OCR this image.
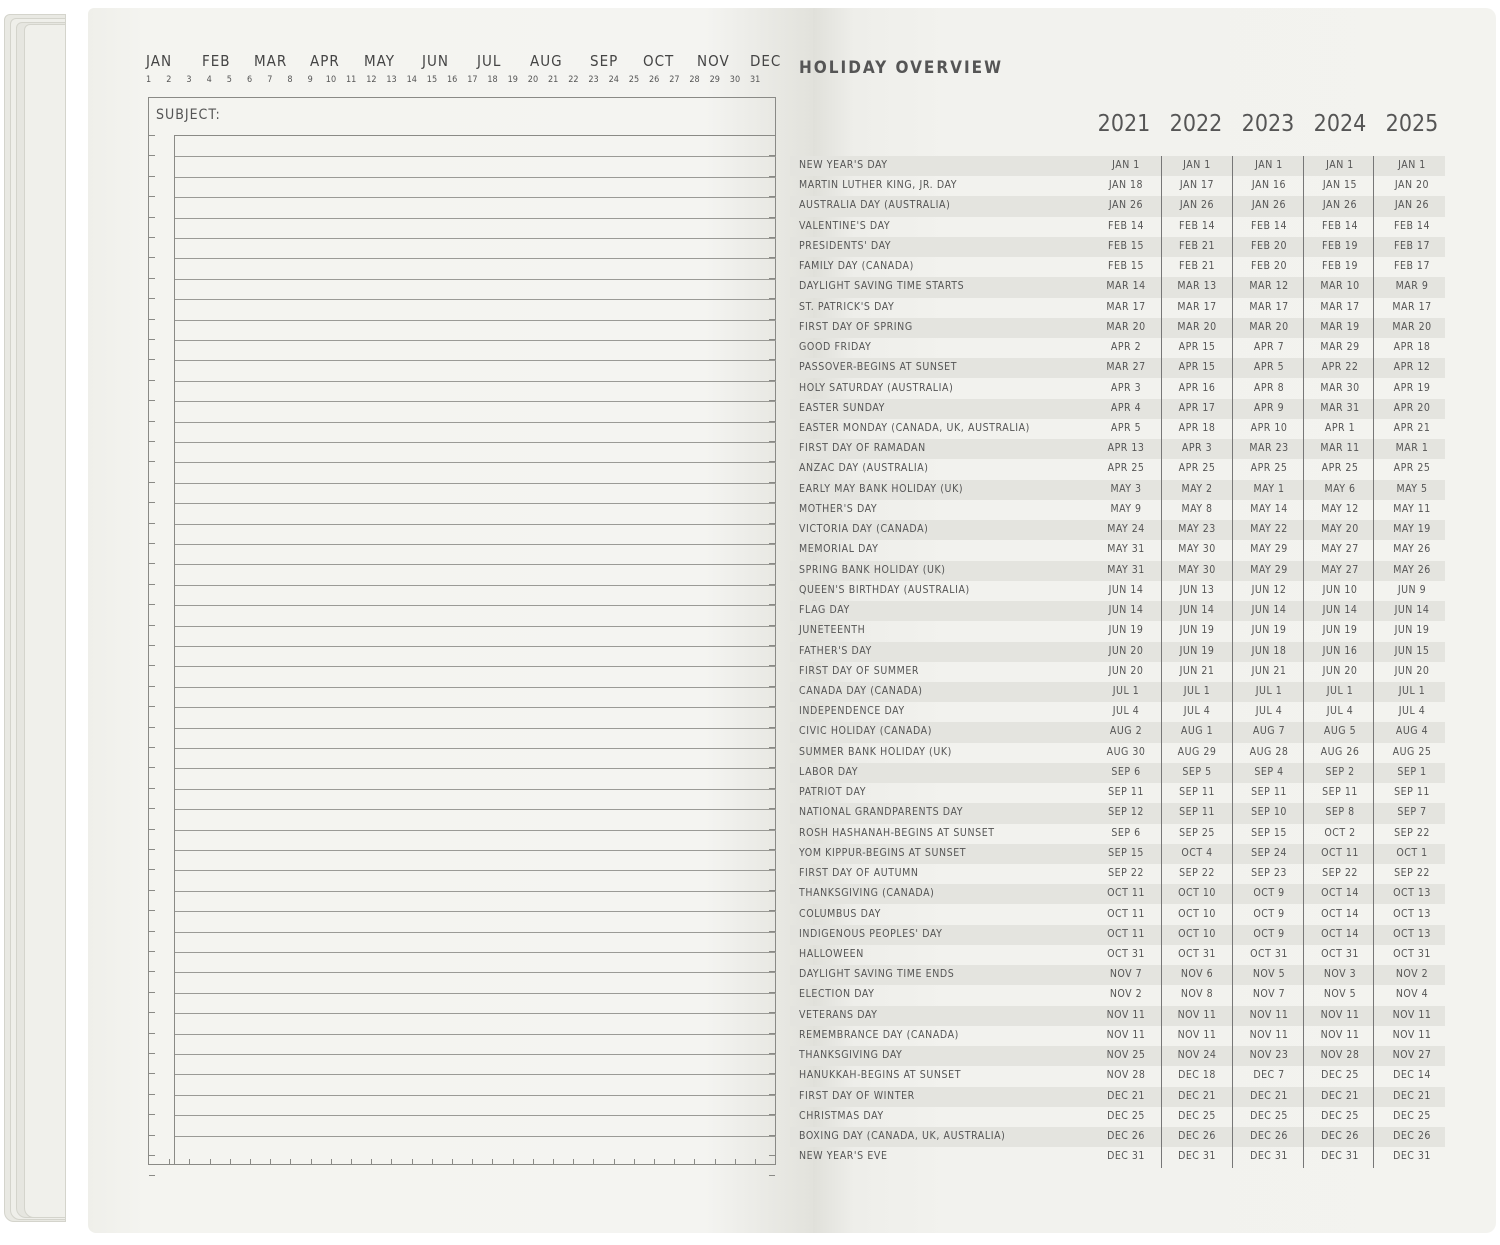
JAN FEB MAR APR MAY JUN JUL AUG SEP OCT NOV DEC
1 2 3 4 5 6 7 8 9 10 11 12 13 14 15 16 17 18 19 20 21 22 23 24 25 26 27 28 29 30 31
SUBJECT:
HOLIDAY OVERVIEW
2021 2022 2023 2024 2025
NEW YEAR'S DAY	JAN 1	JAN 1	JAN 1	JAN 1	JAN 1
MARTIN LUTHER KING, JR. DAY	JAN 18	JAN 17	JAN 16	JAN 15	JAN 20
AUSTRALIA DAY (AUSTRALIA)	JAN 26	JAN 26	JAN 26	JAN 26	JAN 26
VALENTINE'S DAY	FEB 14	FEB 14	FEB 14	FEB 14	FEB 14
PRESIDENTS' DAY	FEB 15	FEB 21	FEB 20	FEB 19	FEB 17
FAMILY DAY (CANADA)	FEB 15	FEB 21	FEB 20	FEB 19	FEB 17
DAYLIGHT SAVING TIME STARTS	MAR 14	MAR 13	MAR 12	MAR 10	MAR 9
ST. PATRICK'S DAY	MAR 17	MAR 17	MAR 17	MAR 17	MAR 17
FIRST DAY OF SPRING	MAR 20	MAR 20	MAR 20	MAR 19	MAR 20
GOOD FRIDAY	APR 2	APR 15	APR 7	MAR 29	APR 18
PASSOVER-BEGINS AT SUNSET	MAR 27	APR 15	APR 5	APR 22	APR 12
HOLY SATURDAY (AUSTRALIA)	APR 3	APR 16	APR 8	MAR 30	APR 19
EASTER SUNDAY	APR 4	APR 17	APR 9	MAR 31	APR 20
EASTER MONDAY (CANADA, UK, AUSTRALIA)	APR 5	APR 18	APR 10	APR 1	APR 21
FIRST DAY OF RAMADAN	APR 13	APR 3	MAR 23	MAR 11	MAR 1
ANZAC DAY (AUSTRALIA)	APR 25	APR 25	APR 25	APR 25	APR 25
EARLY MAY BANK HOLIDAY (UK)	MAY 3	MAY 2	MAY 1	MAY 6	MAY 5
MOTHER'S DAY	MAY 9	MAY 8	MAY 14	MAY 12	MAY 11
VICTORIA DAY (CANADA)	MAY 24	MAY 23	MAY 22	MAY 20	MAY 19
MEMORIAL DAY	MAY 31	MAY 30	MAY 29	MAY 27	MAY 26
SPRING BANK HOLIDAY (UK)	MAY 31	MAY 30	MAY 29	MAY 27	MAY 26
QUEEN'S BIRTHDAY (AUSTRALIA)	JUN 14	JUN 13	JUN 12	JUN 10	JUN 9
FLAG DAY	JUN 14	JUN 14	JUN 14	JUN 14	JUN 14
JUNETEENTH	JUN 19	JUN 19	JUN 19	JUN 19	JUN 19
FATHER'S DAY	JUN 20	JUN 19	JUN 18	JUN 16	JUN 15
FIRST DAY OF SUMMER	JUN 20	JUN 21	JUN 21	JUN 20	JUN 20
CANADA DAY (CANADA)	JUL 1	JUL 1	JUL 1	JUL 1	JUL 1
INDEPENDENCE DAY	JUL 4	JUL 4	JUL 4	JUL 4	JUL 4
CIVIC HOLIDAY (CANADA)	AUG 2	AUG 1	AUG 7	AUG 5	AUG 4
SUMMER BANK HOLIDAY (UK)	AUG 30	AUG 29	AUG 28	AUG 26	AUG 25
LABOR DAY	SEP 6	SEP 5	SEP 4	SEP 2	SEP 1
PATRIOT DAY	SEP 11	SEP 11	SEP 11	SEP 11	SEP 11
NATIONAL GRANDPARENTS DAY	SEP 12	SEP 11	SEP 10	SEP 8	SEP 7
ROSH HASHANAH-BEGINS AT SUNSET	SEP 6	SEP 25	SEP 15	OCT 2	SEP 22
YOM KIPPUR-BEGINS AT SUNSET	SEP 15	OCT 4	SEP 24	OCT 11	OCT 1
FIRST DAY OF AUTUMN	SEP 22	SEP 22	SEP 23	SEP 22	SEP 22
THANKSGIVING (CANADA)	OCT 11	OCT 10	OCT 9	OCT 14	OCT 13
COLUMBUS DAY	OCT 11	OCT 10	OCT 9	OCT 14	OCT 13
INDIGENOUS PEOPLES' DAY	OCT 11	OCT 10	OCT 9	OCT 14	OCT 13
HALLOWEEN	OCT 31	OCT 31	OCT 31	OCT 31	OCT 31
DAYLIGHT SAVING TIME ENDS	NOV 7	NOV 6	NOV 5	NOV 3	NOV 2
ELECTION DAY	NOV 2	NOV 8	NOV 7	NOV 5	NOV 4
VETERANS DAY	NOV 11	NOV 11	NOV 11	NOV 11	NOV 11
REMEMBRANCE DAY (CANADA)	NOV 11	NOV 11	NOV 11	NOV 11	NOV 11
THANKSGIVING DAY	NOV 25	NOV 24	NOV 23	NOV 28	NOV 27
HANUKKAH-BEGINS AT SUNSET	NOV 28	DEC 18	DEC 7	DEC 25	DEC 14
FIRST DAY OF WINTER	DEC 21	DEC 21	DEC 21	DEC 21	DEC 21
CHRISTMAS DAY	DEC 25	DEC 25	DEC 25	DEC 25	DEC 25
BOXING DAY (CANADA, UK, AUSTRALIA)	DEC 26	DEC 26	DEC 26	DEC 26	DEC 26
NEW YEAR'S EVE	DEC 31	DEC 31	DEC 31	DEC 31	DEC 31
